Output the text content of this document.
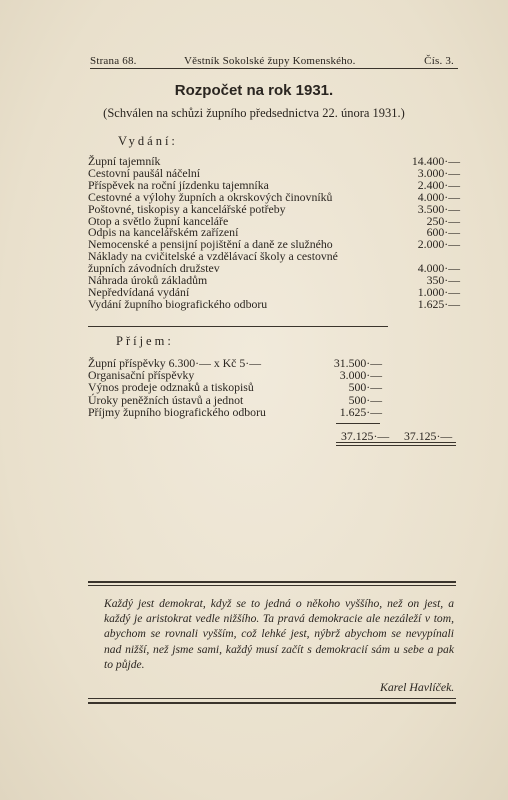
Strana 68.	Věstník Sokolské župy Komenského.	Čís. 3.
Rozpočet na rok 1931.
(Schválen na schůzi župního předsednictva 22. února 1931.)
Vydání:
Župní tajemník	14.400·—
Cestovní paušál náčelní	3.000·—
Příspěvek na roční jízdenku tajemníka	2.400·—
Cestovné a výlohy župních a okrskových činovníků	4.000·—
Poštovné, tiskopisy a kancelářské potřeby	3.500·—
Otop a světlo župní kanceláře	250·—
Odpis na kancelářském zařízení	600·—
Nemocenské a pensijní pojištění a daně ze služného	2.000·—
Náklady na cvičitelské a vzdělávací školy a cestovné
župních závodních družstev	4.000·—
Náhrada úroků základům	350·—
Nepředvídaná vydání	1.000·—
Vydání župního biografického odboru	1.625·—
Příjem:
Župní příspěvky 6.300·— x Kč 5·—	31.500·—
Organisační příspěvky	3.000·—
Výnos prodeje odznaků a tiskopisů	500·—
Úroky peněžních ústavů a jednot	500·—
Příjmy župního biografického odboru	1.625·—
37.125·— 37.125·—
Každý jest demokrat, když se to jedná o někoho vyššího, než on jest, a každý je aristokrat vedle nižšího. Ta pravá demokracie ale nezáleží v tom, abychom se rovnali vyšším, což lehké jest, nýbrž abychom se nevypínali nad nižší, než jsme sami, každý musí začít s demokracií sám u sebe a pak to půjde.
Karel Havlíček.
